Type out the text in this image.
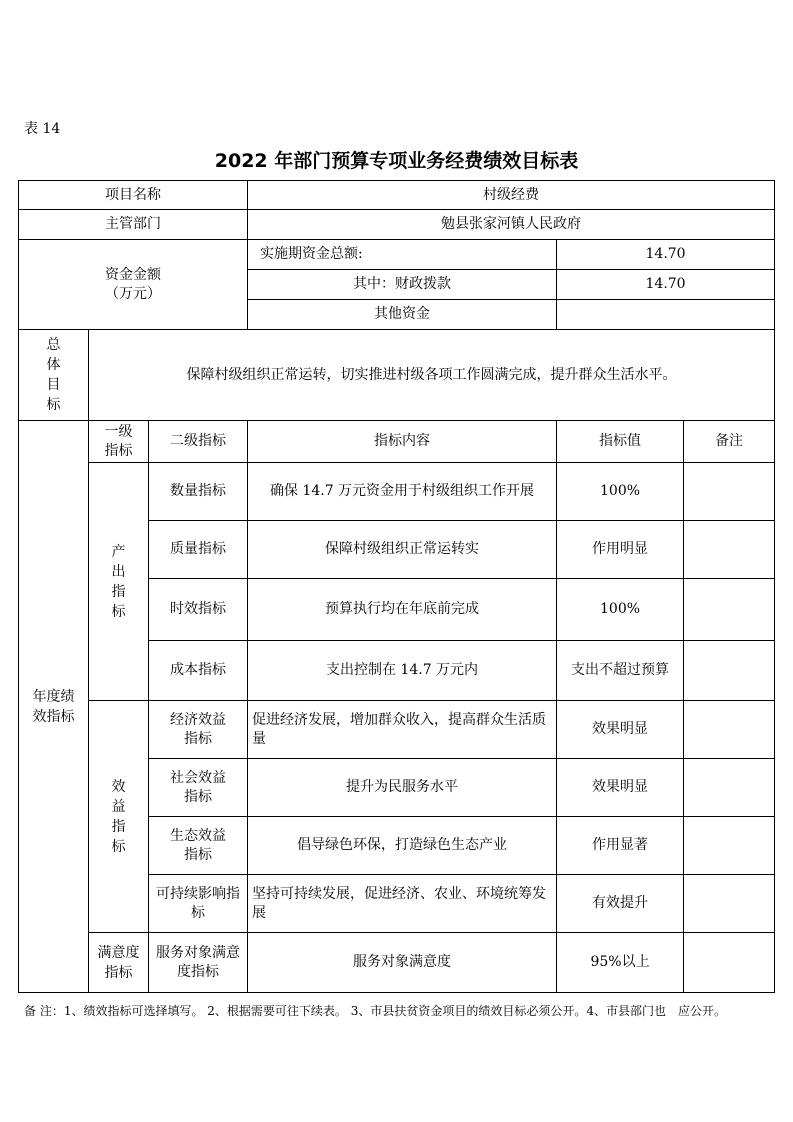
表 14
2022 年部门预算专项业务经费绩效目标表
项目名称			村级经费		
主管部门			勉县张家河镇人民政府		

资金金额
（万元）			实施期资金总额:	14.70	
			其中：财政拨款	14.70	
			其他资金		

总体目标	保障村级组织正常运转，切实推进村级各项工作圆满完成，提升群众生活水平。				

年度绩效指标	一级指标	二级指标	指标内容	指标值	备注

	产出指标	数量指标	确保 14.7 万元资金用于村级组织工作开展	100%	
		质量指标	保障村级组织正常运转实	作用明显	
		时效指标	预算执行均在年底前完成	100%	
		成本指标	支出控制在 14.7 万元内	支出不超过预算	

	效益指标	经济效益指标	促进经济发展，增加群众收入，提高群众生活质量	效果明显	

		社会效益指标	提升为民服务水平	效果明显	

		生态效益指标	倡导绿色环保，打造绿色生态产业	作用显著	

		可持续影响指标	坚持可持续发展，促进经济、农业、环境统筹发展	有效提升	

	满意度指标	服务对象满意度指标	服务对象满意度	95%以上	
备 注：1、绩效指标可选择填写。 2、根据需要可往下续表。 3、市县扶贫资金项目的绩效目标必须公开。4、市县部门也　应公开。
